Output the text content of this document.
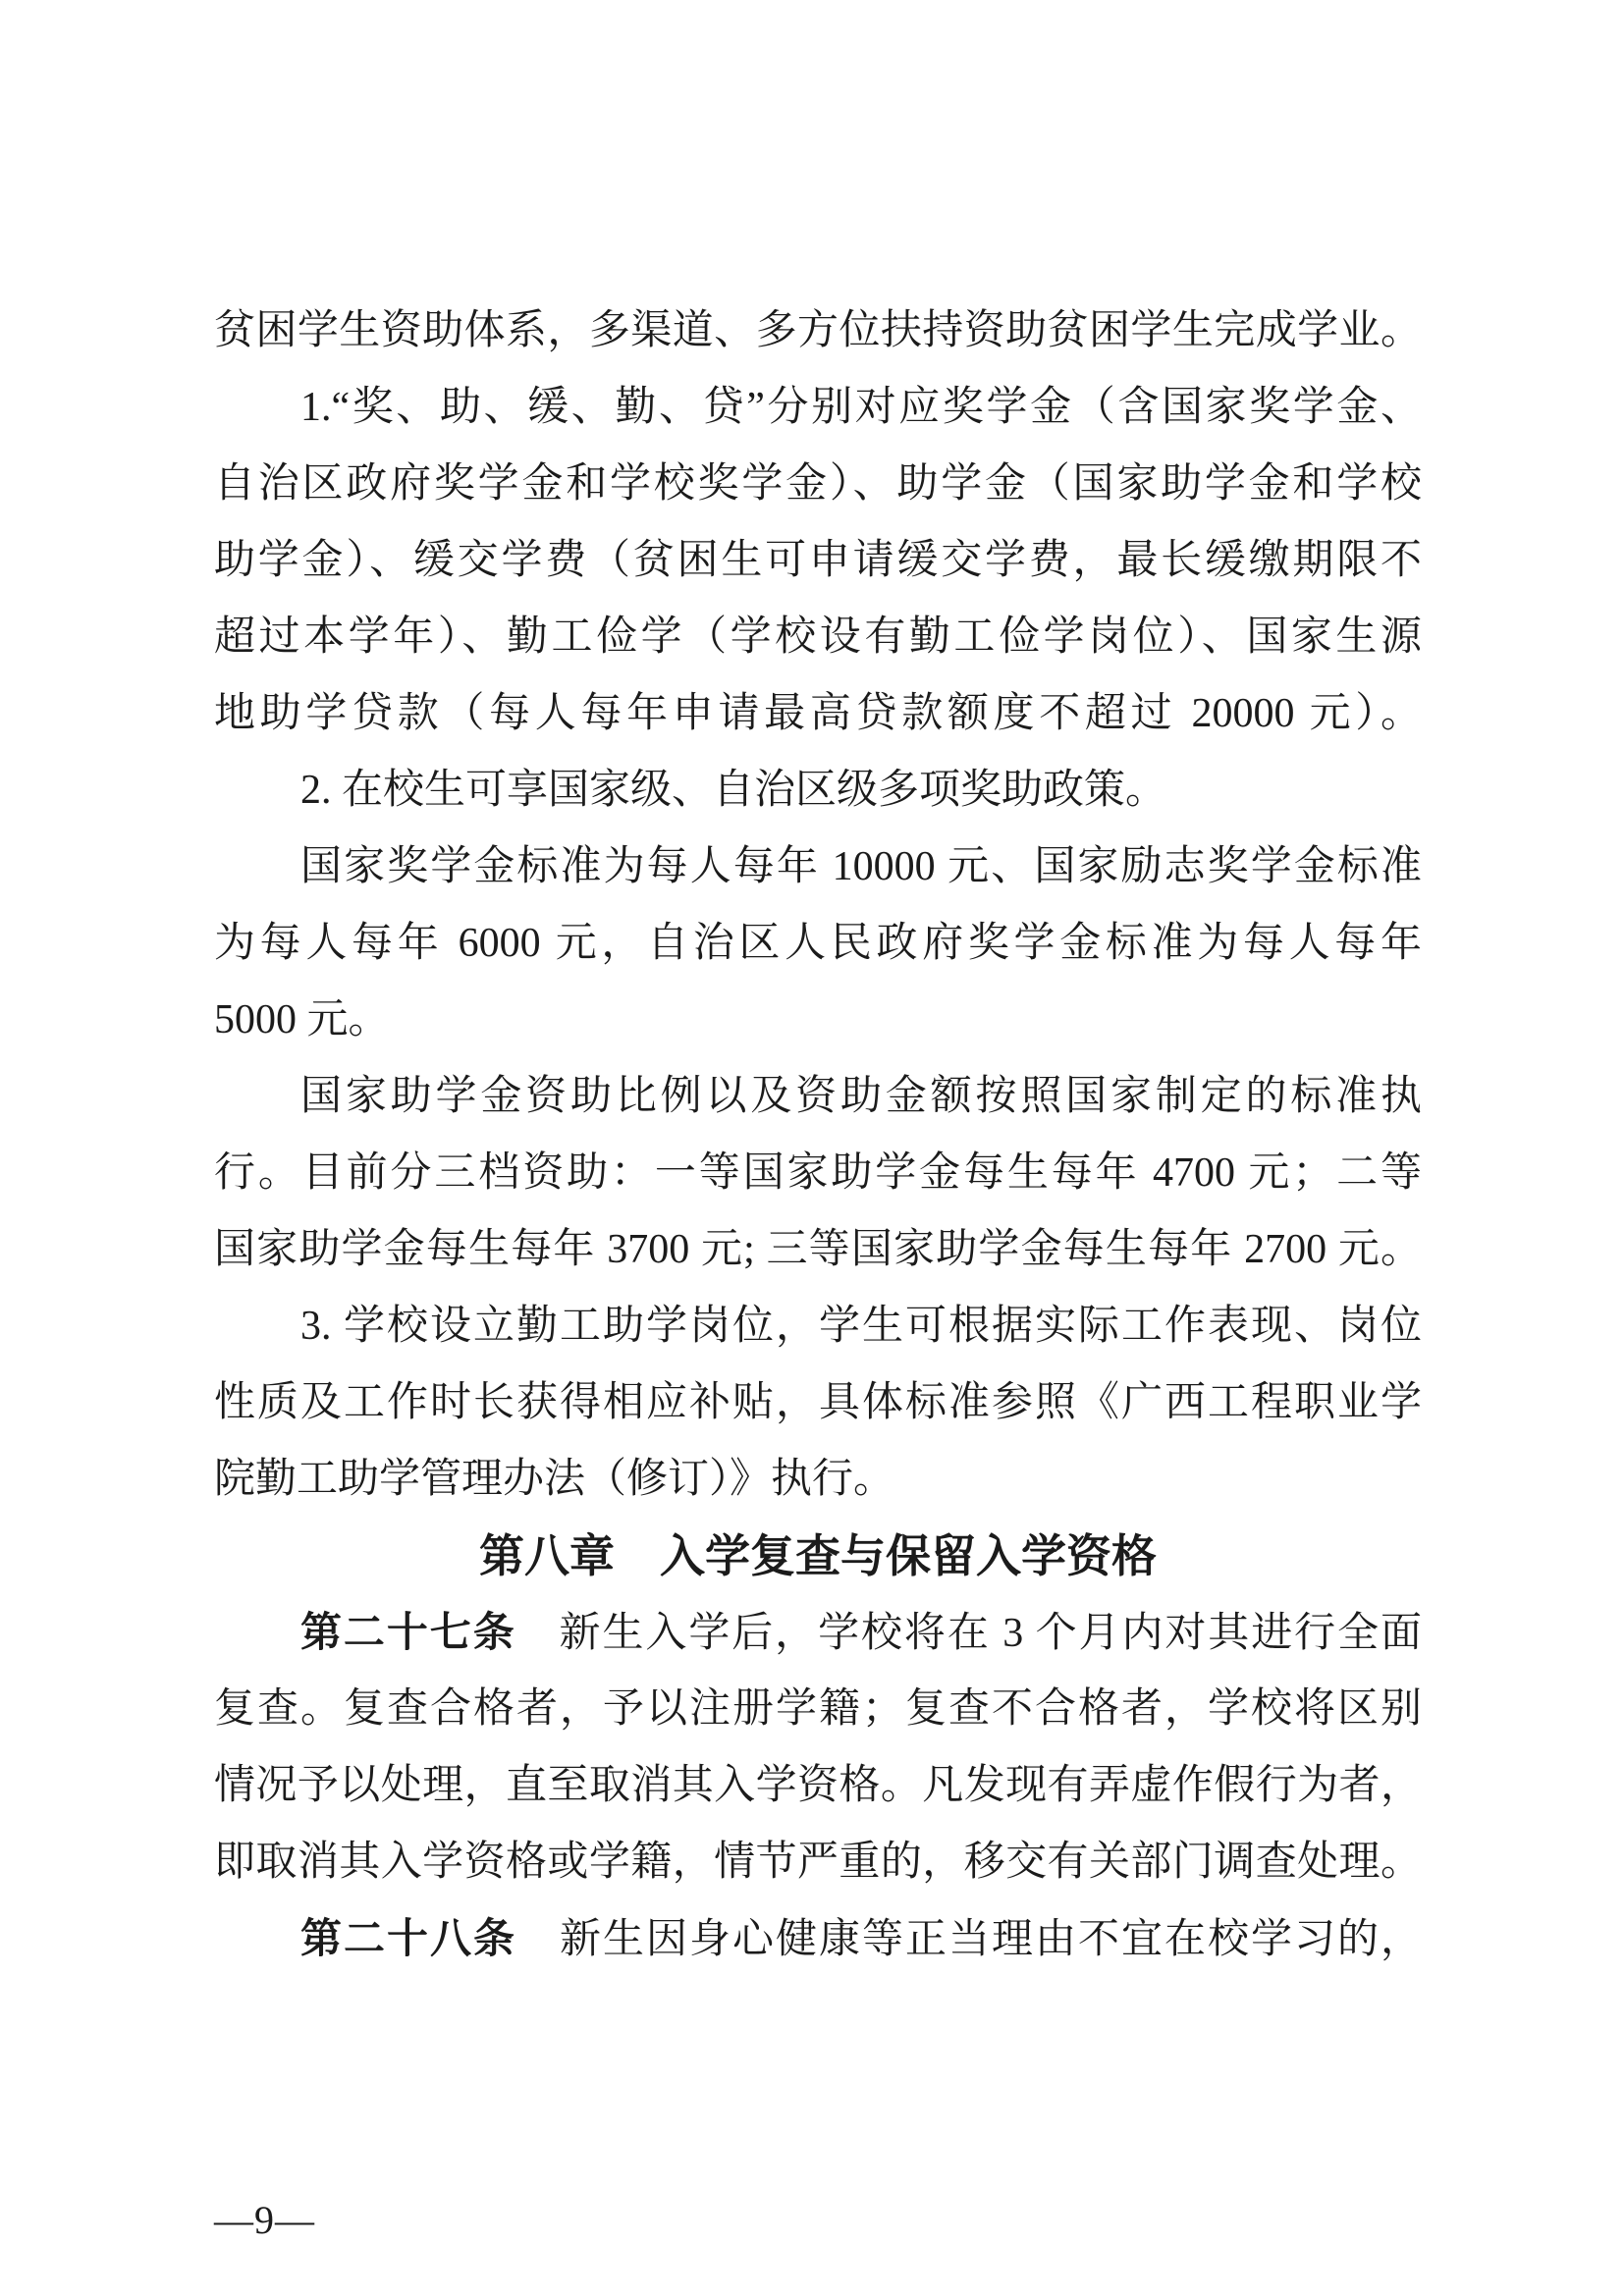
贫困学生资助体系，多渠道、多方位扶持资助贫困学生完成学业。
1.“奖、助、缓、勤、贷”分别对应奖学金（含国家奖学金、
自治区政府奖学金和学校奖学金）、助学金（国家助学金和学校
助学金）、缓交学费（贫困生可申请缓交学费，最长缓缴期限不
超过本学年）、勤工俭学（学校设有勤工俭学岗位）、国家生源
地助学贷款（每人每年申请最高贷款额度不超过 20000 元）。
2. 在校生可享国家级、自治区级多项奖助政策。
国家奖学金标准为每人每年 10000 元、国家励志奖学金标准
为每人每年 6000 元，自治区人民政府奖学金标准为每人每年
5000 元。
国家助学金资助比例以及资助金额按照国家制定的标准执
行。目前分三档资助：一等国家助学金每生每年 4700 元；二等
国家助学金每生每年 3700 元; 三等国家助学金每生每年 2700 元。
3. 学校设立勤工助学岗位，学生可根据实际工作表现、岗位
性质及工作时长获得相应补贴，具体标准参照《广西工程职业学
院勤工助学管理办法（修订）》执行。
第八章　入学复查与保留入学资格
第二十七条　新生入学后，学校将在 3 个月内对其进行全面
复查。复查合格者，予以注册学籍；复查不合格者，学校将区别
情况予以处理，直至取消其入学资格。凡发现有弄虚作假行为者，
即取消其入学资格或学籍，情节严重的，移交有关部门调查处理。
第二十八条　新生因身心健康等正当理由不宜在校学习的，
—9—
